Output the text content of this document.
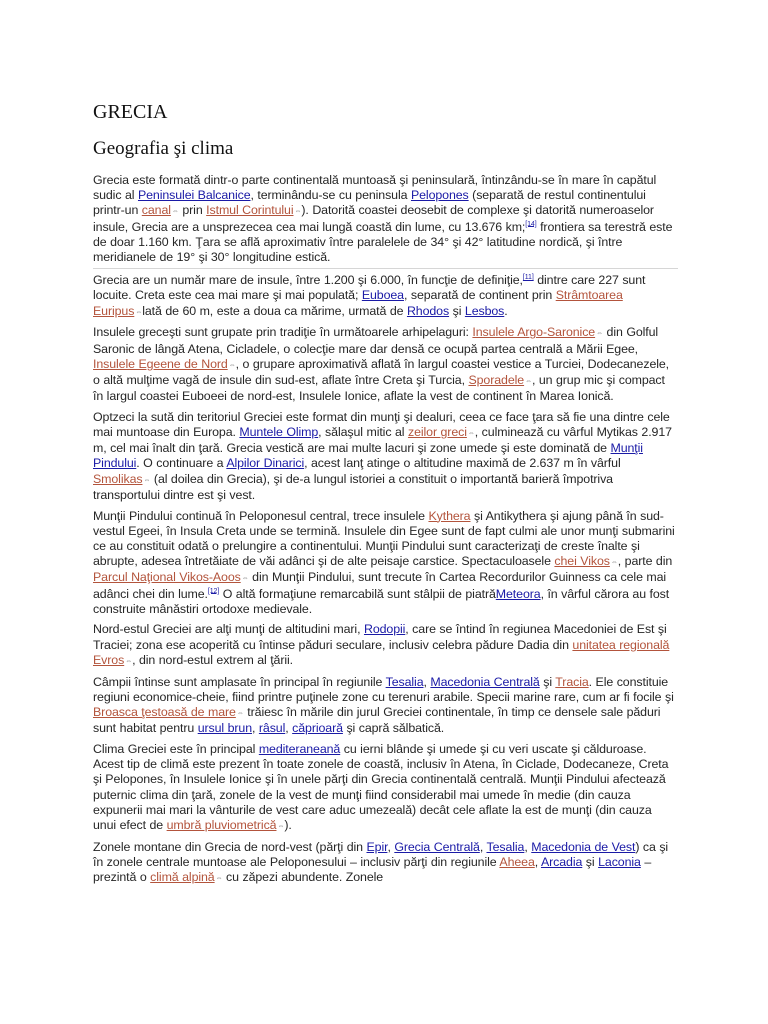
GRECIA
Geografia şi clima

Grecia este formată dintr-o parte continentală muntoasă şi peninsulară, întinzându-se în mare în capătul sudic al Peninsulei Balcanice, terminându-se cu peninsula Pelopones (separată de restul continentului printr-un canal⇔ prin Istmul Corintului⇔). Datorită coastei deosebit de complexe şi datorită numeroaselor insule, Grecia are a unsprezecea cea mai lungă coastă din lume, cu 13.676 km;[14] frontiera sa terestră este de doar 1.160 km. Ţara se află aproximativ între paralelele de 34° şi 42° latitudine nordică, şi între meridianele de 19° şi 30° longitudine estică.

Grecia are un număr mare de insule, între 1.200 şi 6.000, în funcţie de definiţie,[11] dintre care 227 sunt locuite. Creta este cea mai mare şi mai populată; Euboea, separată de continent prin Strâmtoarea Euripus⇔lată de 60 m, este a doua ca mărime, urmată de Rhodos şi Lesbos.

Insulele greceşti sunt grupate prin tradiţie în următoarele arhipelaguri: Insulele Argo-Saronice⇔ din Golful Saronic de lângă Atena, Cicladele, o colecţie mare dar densă ce ocupă partea centrală a Mării Egee, Insulele Egeene de Nord⇔, o grupare aproximativă aflată în largul coastei vestice a Turciei, Dodecanezele, o altă mulţime vagă de insule din sud-est, aflate între Creta şi Turcia, Sporadele⇔, un grup mic şi compact în largul coastei Euboeei de nord-est, Insulele Ionice, aflate la vest de continent în Marea Ionică.

Optzeci la sută din teritoriul Greciei este format din munţi şi dealuri, ceea ce face ţara să fie una dintre cele mai muntoase din Europa. Muntele Olimp, sălaşul mitic al zeilor greci⇔, culminează cu vârful Mytikas 2.917 m, cel mai înalt din ţară. Grecia vestică are mai multe lacuri şi zone umede şi este dominată de Munţii Pindului. O continuare a Alpilor Dinarici, acest lanţ atinge o altitudine maximă de 2.637 m în vârful Smolikas⇔ (al doilea din Grecia), şi de-a lungul istoriei a constituit o importantă barieră împotriva transportului dintre est şi vest.

Munţii Pindului continuă în Peloponesul central, trece insulele Kythera şi Antikythera şi ajung până în sud-vestul Egeei, în Insula Creta unde se termină. Insulele din Egee sunt de fapt culmi ale unor munţi submarini ce au constituit odată o prelungire a continentului. Munţii Pindului sunt caracterizaţi de creste înalte şi abrupte, adesea întretăiate de văi adânci şi de alte peisaje carstice. Spectaculoasele chei Vikos⇔, parte din Parcul Naţional Vikos-Aoos⇔ din Munţii Pindului, sunt trecute în Cartea Recordurilor Guinness ca cele mai adânci chei din lume.[12] O altă formaţiune remarcabilă sunt stâlpii de piatrăMeteora, în vârful cărora au fost construite mânăstiri ortodoxe medievale.

Nord-estul Greciei are alţi munţi de altitudini mari, Rodopii, care se întind în regiunea Macedoniei de Est şi Traciei; zona ese acoperită cu întinse păduri seculare, inclusiv celebra pădure Dadia din unitatea regională Evros⇔, din nord-estul extrem al ţării.

Câmpii întinse sunt amplasate în principal în regiunile Tesalia, Macedonia Centrală şi Tracia. Ele constituie regiuni economice-cheie, fiind printre puţinele zone cu terenuri arabile. Specii marine rare, cum ar fi focile şi Broasca ţestoasă de mare⇔ trăiesc în mările din jurul Greciei continentale, în timp ce densele sale păduri sunt habitat pentru ursul brun, râsul, căprioară şi capră sălbatică.

Clima Greciei este în principal mediteraneană cu ierni blânde şi umede şi cu veri uscate şi călduroase. Acest tip de climă este prezent în toate zonele de coastă, inclusiv în Atena, în Ciclade, Dodecaneze, Creta şi Pelopones, în Insulele Ionice şi în unele părţi din Grecia continentală centrală. Munţii Pindului afectează puternic clima din ţară, zonele de la vest de munţi fiind considerabil mai umede în medie (din cauza expunerii mai mari la vânturile de vest care aduc umezeală) decât cele aflate la est de munţi (din cauza unui efect de umbră pluviometrică⇔).

Zonele montane din Grecia de nord-vest (părţi din Epir, Grecia Centrală, Tesalia, Macedonia de Vest) ca şi în zonele centrale muntoase ale Peloponesului – inclusiv părţi din regiunile Aheea, Arcadia şi Laconia – prezintă o climă alpină⇔ cu zăpezi abundente. Zonele
